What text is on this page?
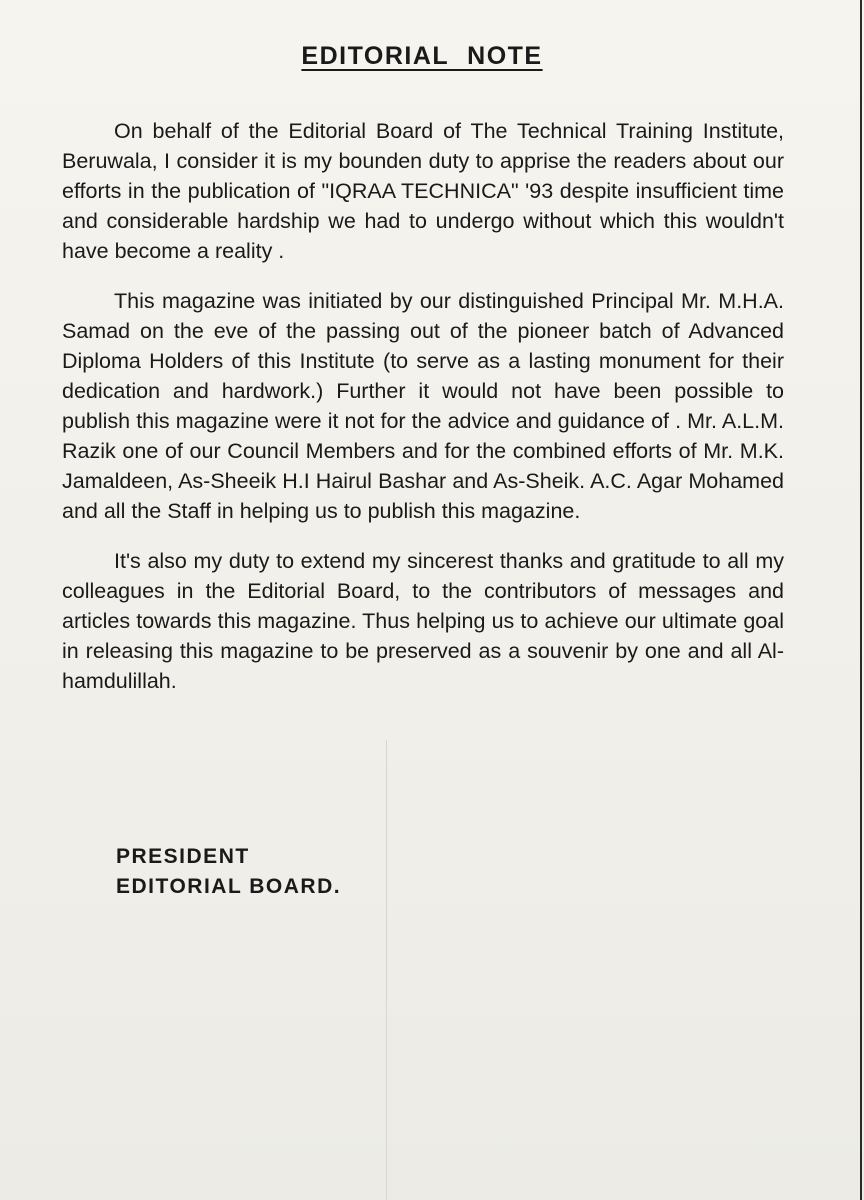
EDITORIAL NOTE

On behalf of the Editorial Board of The Technical Training Institute, Beruwala, I consider it is my bounden duty to apprise the readers about our efforts in the publication of "IQRAA TECHNICA" '93 despite insufficient time and considerable hardship we had to undergo without which this wouldn't have become a reality .

This magazine was initiated by our distinguished Principal Mr. M.H.A. Samad on the eve of the passing out of the pioneer batch of Advanced Diploma Holders of this Institute (to serve as a lasting monument for their dedication and hardwork.) Further it would not have been possible to publish this magazine were it not for the advice and guidance of . Mr. A.L.M. Razik one of our Council Members and for the combined efforts of Mr. M.K. Jamaldeen, As-Sheeik H.I Hairul Bashar and As-Sheik. A.C. Agar Mohamed and all the Staff in helping us to publish this magazine.

It's also my duty to extend my sincerest thanks and gratitude to all my colleagues in the Editorial Board, to the contributors of messages and articles towards this magazine. Thus helping us to achieve our ultimate goal in releasing this magazine to be preserved as a souvenir by one and all Al-hamdulillah.

PRESIDENT
EDITORIAL BOARD.
